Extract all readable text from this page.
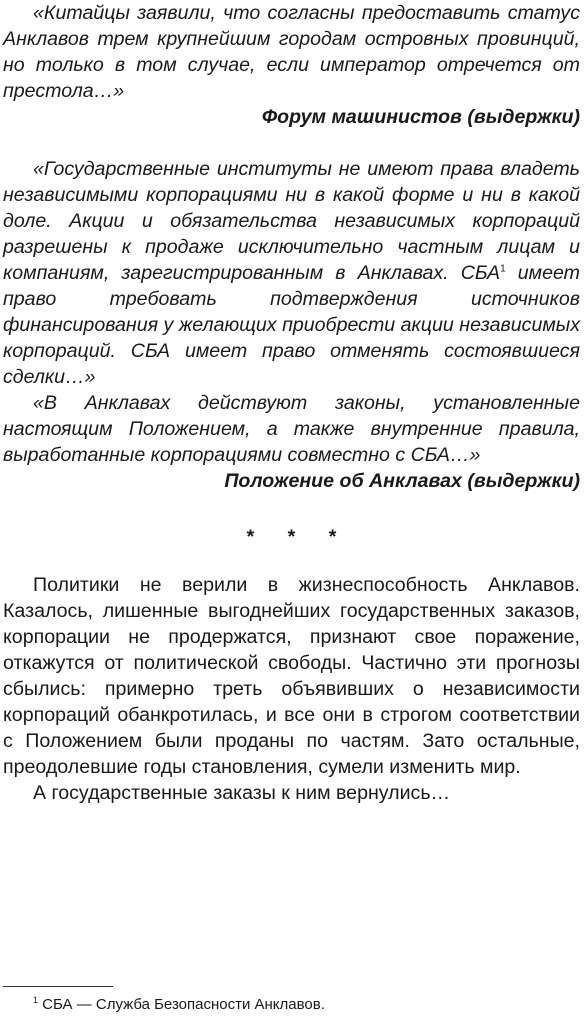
«Китайцы заявили, что согласны предоставить статус Анклавов трем крупнейшим городам островных провинций, но только в том случае, если император отречется от престола…»

Форум машинистов (выдержки)

«Государственные институты не имеют права владеть независимыми корпорациями ни в какой форме и ни в какой доле. Акции и обязательства независимых корпораций разрешены к продаже исключительно частным лицам и компаниям, зарегистрированным в Анклавах. СБА$^1$ имеет право требовать подтверждения источников финансирования у желающих приобрести акции независимых корпораций. СБА имеет право отменять состоявшиеся сделки…»

«В Анклавах действуют законы, установленные настоящим Положением, а также внутренние правила, выработанные корпорациями совместно с СБА…»

Положение об Анклавах (выдержки)

* * *

Политики не верили в жизнеспособность Анклавов. Казалось, лишенные выгоднейших государственных заказов, корпорации не продержатся, признают свое поражение, откажутся от политической свободы. Частично эти прогнозы сбылись: примерно треть объявивших о независимости корпораций обанкротилась, и все они в строгом соответствии с Положением были проданы по частям. Зато остальные, преодолевшие годы становления, сумели изменить мир.

А государственные заказы к ним вернулись…

$^1$ СБА — Служба Безопасности Анклавов.
